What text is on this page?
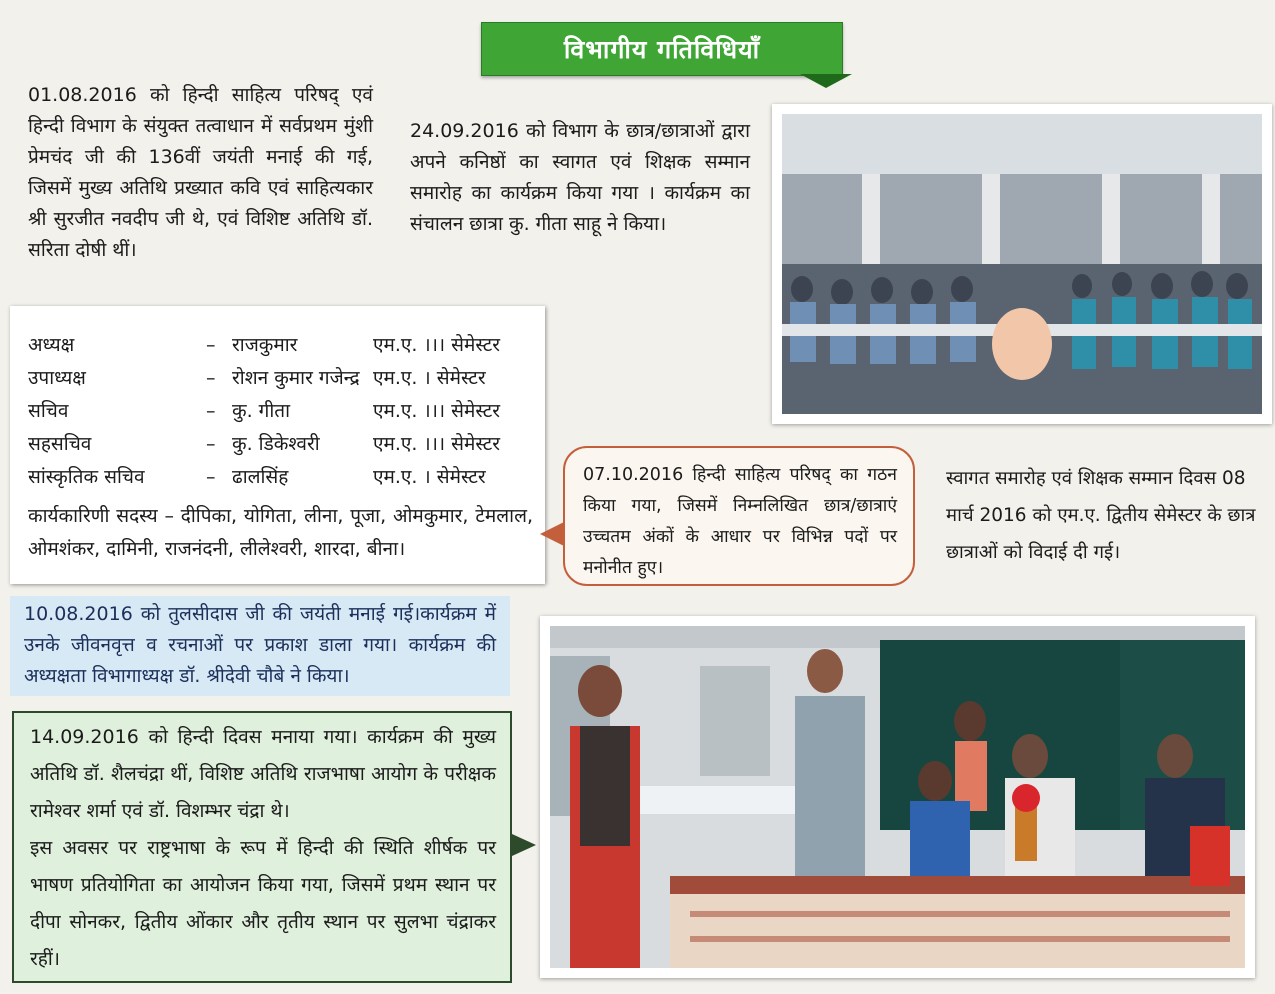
विभागीय गतिविधियाँ
01.08.2016 को हिन्दी साहित्य परिषद् एवं हिन्दी विभाग के संयुक्त तत्वाधान में सर्वप्रथम मुंशी प्रेमचंद जी की 136वीं जयंती मनाई की गई, जिसमें मुख्य अतिथि प्रख्यात कवि एवं साहित्यकार श्री सुरजीत नवदीप जी थे, एवं विशिष्ट अतिथि डॉ. सरिता दोषी थीं।
24.09.2016 को विभाग के छात्र/छात्राओं द्वारा अपने कनिष्ठों का स्वागत एवं शिक्षक सम्मान समारोह का कार्यक्रम किया गया । कार्यक्रम का संचालन छात्रा कु. गीता साहू ने किया।
अध्यक्ष	– राजकुमार	एम.ए. ।।। सेमेस्टर
उपाध्यक्ष	– रोशन कुमार गजेन्द्र एम.ए. । सेमेस्टर
सचिव	– कु. गीता	एम.ए. ।।। सेमेस्टर
सहसचिव	– कु. डिकेश्वरी	एम.ए. ।।। सेमेस्टर
सांस्कृतिक सचिव	– ढालसिंह	एम.ए. । सेमेस्टर
कार्यकारिणी सदस्य – दीपिका, योगिता, लीना, पूजा, ओमकुमार, टेमलाल, ओमशंकर, दामिनी, राजनंदनी, लीलेश्वरी, शारदा, बीना।
07.10.2016 हिन्दी साहित्य परिषद् का गठन किया गया, जिसमें निम्नलिखित छात्र/छात्राएं उच्चतम अंकों के आधार पर विभिन्न पदों पर मनोनीत हुए।
स्वागत समारोह एवं शिक्षक सम्मान दिवस 08 मार्च 2016 को एम.ए. द्वितीय सेमेस्टर के छात्र छात्राओं को विदाई दी गई।
10.08.2016 को तुलसीदास जी की जयंती मनाई गई।कार्यक्रम में उनके जीवनवृत्त व रचनाओं पर प्रकाश डाला गया। कार्यक्रम की अध्यक्षता विभागाध्यक्ष डॉ. श्रीदेवी चौबे ने किया।
14.09.2016 को हिन्दी दिवस मनाया गया। कार्यक्रम की मुख्य अतिथि डॉ. शैलचंद्रा थीं, विशिष्ट अतिथि राजभाषा आयोग के परीक्षक रामेश्वर शर्मा एवं डॉ. विशम्भर चंद्रा थे।
इस अवसर पर राष्ट्रभाषा के रूप में हिन्दी की स्थिति शीर्षक पर भाषण प्रतियोगिता का आयोजन किया गया, जिसमें प्रथम स्थान पर दीपा सोनकर, द्वितीय ओंकार और तृतीय स्थान पर सुलभा चंद्राकर रहीं।
